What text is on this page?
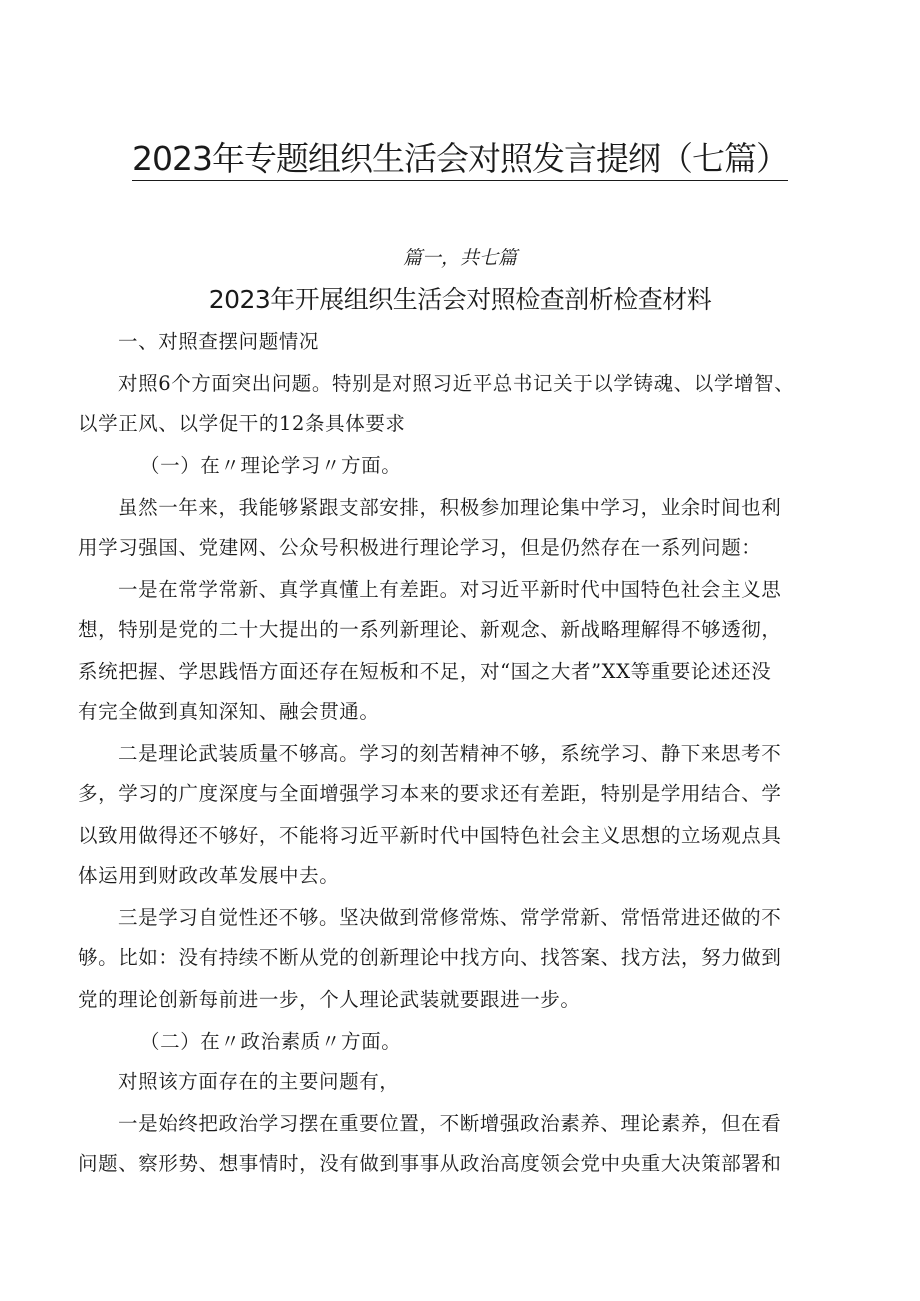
2023年专题组织生活会对照发言提纲（七篇）
篇一，共七篇
2023年开展组织生活会对照检查剖析检查材料
一、对照查摆问题情况
对照6个方面突出问题。特别是对照习近平总书记关于以学铸魂、以学增智、
以学正风、以学促干的12条具体要求
（一）在〃理论学习〃方面。
虽然一年来，我能够紧跟支部安排，积极参加理论集中学习，业余时间也利
用学习强国、党建网、公众号积极进行理论学习，但是仍然存在一系列问题：
一是在常学常新、真学真懂上有差距。对习近平新时代中国特色社会主义思
想，特别是党的二十大提出的一系列新理论、新观念、新战略理解得不够透彻，
系统把握、学思践悟方面还存在短板和不足，对“国之大者”XX等重要论述还没
有完全做到真知深知、融会贯通。
二是理论武装质量不够高。学习的刻苦精神不够，系统学习、静下来思考不
多，学习的广度深度与全面增强学习本来的要求还有差距，特别是学用结合、学
以致用做得还不够好，不能将习近平新时代中国特色社会主义思想的立场观点具
体运用到财政改革发展中去。
三是学习自觉性还不够。坚决做到常修常炼、常学常新、常悟常进还做的不
够。比如：没有持续不断从党的创新理论中找方向、找答案、找方法，努力做到
党的理论创新每前进一步，个人理论武装就要跟进一步。
（二）在〃政治素质〃方面。
对照该方面存在的主要问题有，
一是始终把政治学习摆在重要位置，不断增强政治素养、理论素养，但在看
问题、察形势、想事情时，没有做到事事从政治高度领会党中央重大决策部署和
